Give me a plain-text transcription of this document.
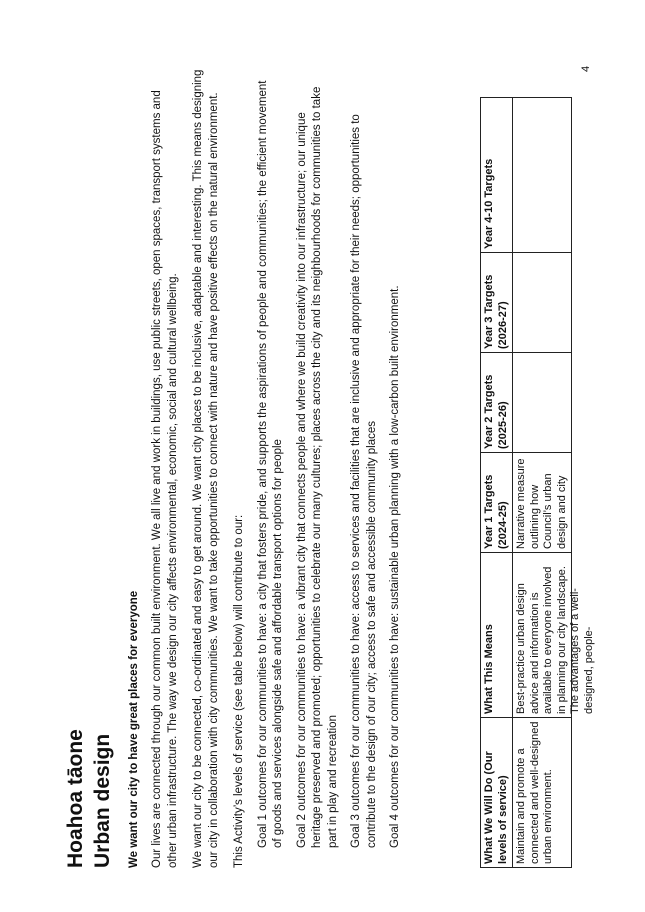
Hoahoa tāone Urban design We want our city to have great places for everyone Our lives are connected through our common built environment. We all live and work in buildings, use public streets, open spaces, transport systems and other urban infrastructure. The way we design our city affects environmental, economic, social and cultural wellbeing. We want our city to be connected, co-ordinated and easy to get around. We want city places to be inclusive, adaptable and interesting. This means designing our city in collaboration with city communities. We want to take opportunities to connect with nature and have positive effects on the natural environment. This Activity’s levels of service (see table below) will contribute to our: Goal 1 outcomes for our communities to have: a city that fosters pride, and supports the aspirations of people and communities; the efficient movement of goods and services alongside safe and affordable transport options for people Goal 2 outcomes for our communities to have: a vibrant city that connects people and where we build creativity into our infrastructure; our unique heritage preserved and promoted; opportunities to celebrate our many cultures; places across the city and its neighbourhoods for communities to take part in play and recreation Goal 3 outcomes for our communities to have: access to services and facilities that are inclusive and appropriate for their needs; opportunities to contribute to the design of our city; access to safe and accessible community places Goal 4 outcomes for our communities to have: sustainable urban planning with a low-carbon built environment.	What We Will Do (Our levels of service)	What This Means	Year 1 Targets (2024-25)	Year 2 Targets (2025-26)	Year 3 Targets (2026-27)	Year 4-10 Targets

Maintain and promote a connected and well-designed urban environment.	Best-practice urban design advice and information is available to everyone involved in planning our city landscape. The advantages of a well-designed, people-	Narrative measure outlining how Council’s urban design and city			

4
